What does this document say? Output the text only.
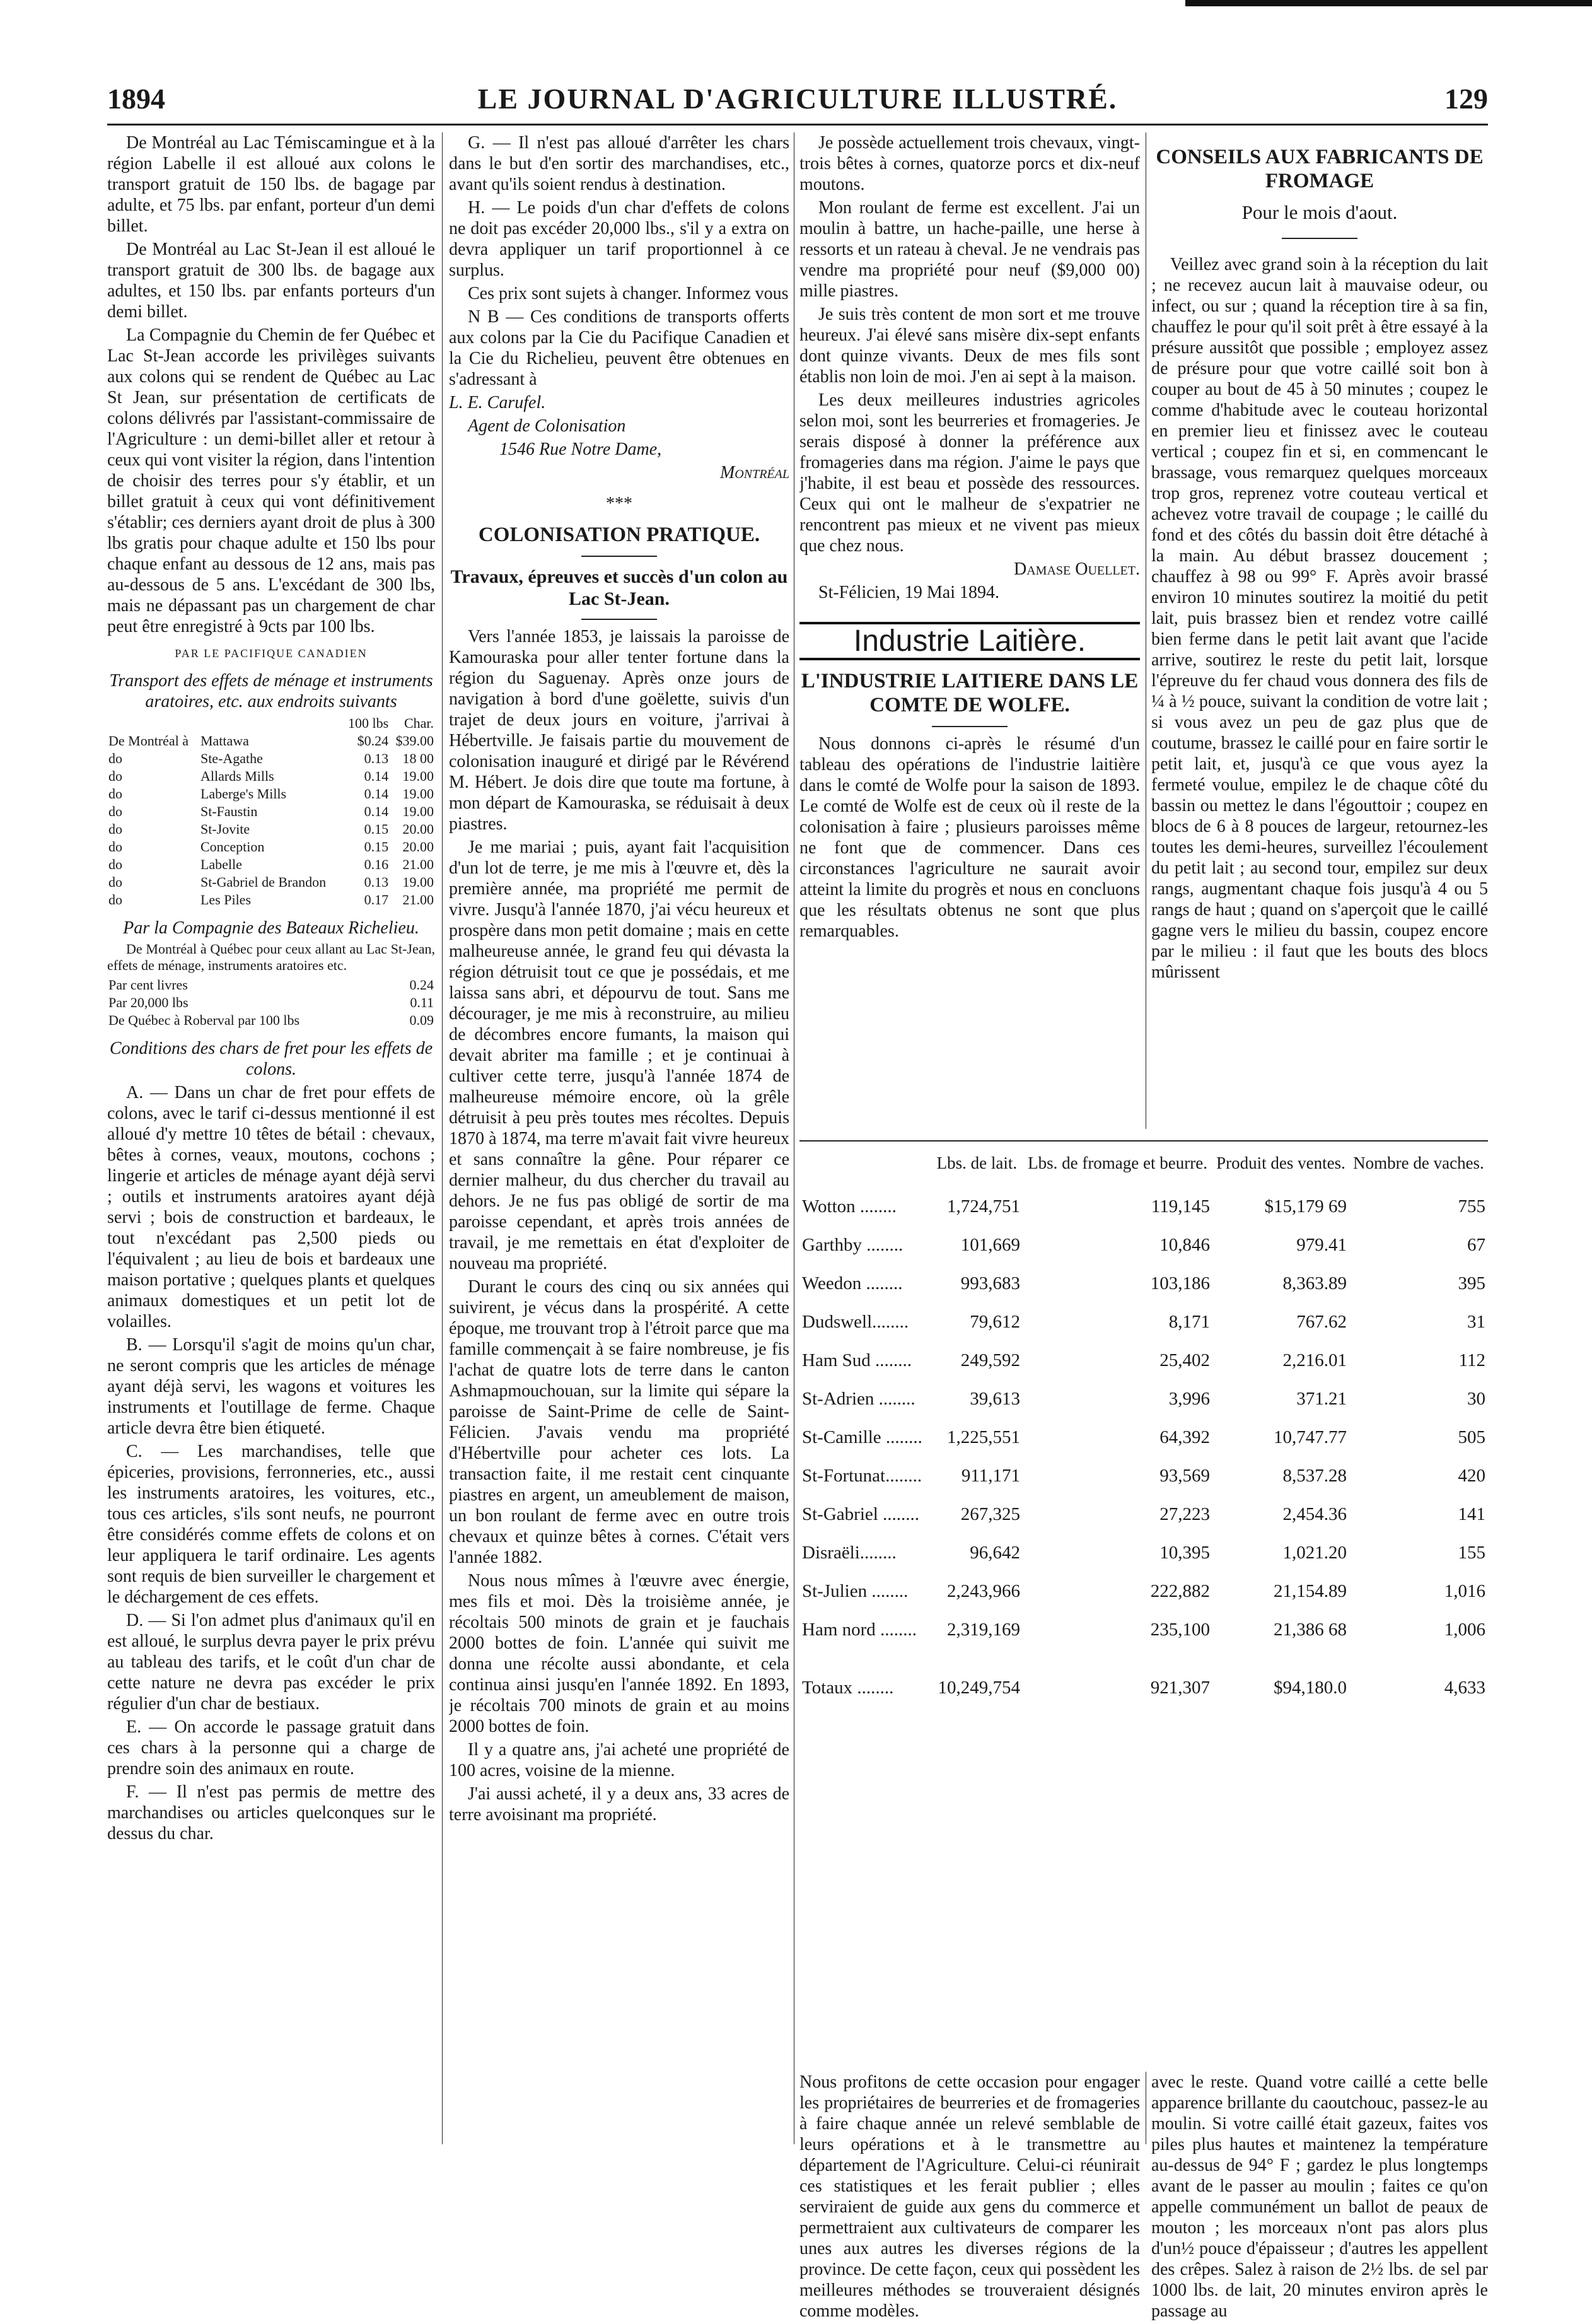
LE JOURNAL D'AGRICULTURE ILLUSTRÉ.
1894	129

De Montréal au Lac Témiscamingue et à la région Labelle il est alloué aux colons le transport gratuit de 150 lbs. de bagage par adulte, et 75 lbs. par enfant, porteur d'un demi billet.

De Montréal au Lac St-Jean il est alloué le transport gratuit de 300 lbs. de bagage aux adultes, et 150 lbs. par enfants porteurs d'un demi billet.

La Compagnie du Chemin de fer Québec et Lac St-Jean accorde les privilèges suivants aux colons qui se rendent de Québec au Lac St Jean, sur présentation de certificats de colons délivrés par l'assistant-commissaire de l'Agriculture : un demi-billet aller et retour à ceux qui vont visiter la région, dans l'intention de choisir des terres pour s'y établir, et un billet gratuit à ceux qui vont définitivement s'établir; ces derniers ayant droit de plus à 300 lbs gratis pour chaque adulte et 150 lbs pour chaque enfant au dessous de 12 ans, mais pas au-dessous de 5 ans. L'excédant de 300 lbs, mais ne dépassant pas un chargement de char peut être enregistré à 9cts par 100 lbs.

PAR LE PACIFIQUE CANADIEN

Transport des effets de ménage et instruments aratoires, etc. aux endroits suivants

		100 lbs	Char.
De Montréal à	Mattawa	$0.24	$39.00
do	Ste-Agathe	0.13	18 00
do	Allards Mills	0.14	19.00
do	Laberge's Mills	0.14	19.00
do	St-Faustin	0.14	19.00
do	St-Jovite	0.15	20.00
do	Conception	0.15	20.00
do	Labelle	0.16	21.00
do	St-Gabriel de Brandon	0.13	19.00
do	Les Piles	0.17	21.00

Par la Compagnie des Bateaux Richelieu.

De Montréal à Québec pour ceux allant au Lac St-Jean, effets de ménage, instruments aratoires etc.

Par cent livres	0.24
Par 20,000 lbs	0.11
De Québec à Roberval par 100 lbs	0.09

Conditions des chars de fret pour les effets de colons.

A. — Dans un char de fret pour effets de colons, avec le tarif ci-dessus mentionné il est alloué d'y mettre 10 têtes de bétail : chevaux, bêtes à cornes, veaux, moutons, cochons ; lingerie et articles de ménage ayant déjà servi ; outils et instruments aratoires ayant déjà servi ; bois de construction et bardeaux, le tout n'excédant pas 2,500 pieds ou l'équivalent ; au lieu de bois et bardeaux une maison portative ; quelques plants et quelques animaux domestiques et un petit lot de volailles.

B. — Lorsqu'il s'agit de moins qu'un char, ne seront compris que les articles de ménage ayant déjà servi, les wagons et voitures les instruments et l'outillage de ferme. Chaque article devra être bien étiqueté.

C. — Les marchandises, telle que épiceries, provisions, ferronneries, etc., aussi les instruments aratoires, les voitures, etc., tous ces articles, s'ils sont neufs, ne pourront être considérés comme effets de colons et on leur appliquera le tarif ordinaire. Les agents sont requis de bien surveiller le chargement et le déchargement de ces effets.

D. — Si l'on admet plus d'animaux qu'il en est alloué, le surplus devra payer le prix prévu au tableau des tarifs, et le coût d'un char de cette nature ne devra pas excéder le prix régulier d'un char de bestiaux.

E. — On accorde le passage gratuit dans ces chars à la personne qui a charge de prendre soin des animaux en route.

F. — Il n'est pas permis de mettre des marchandises ou articles quelconques sur le dessus du char.

G. — Il n'est pas alloué d'arrêter les chars dans le but d'en sortir des marchandises, etc., avant qu'ils soient rendus à destination.

H. — Le poids d'un char d'effets de colons ne doit pas excéder 20,000 lbs., s'il y a extra on devra appliquer un tarif proportionnel à ce surplus.

Ces prix sont sujets à changer. Informez vous

N B — Ces conditions de transports offerts aux colons par la Cie du Pacifique Canadien et la Cie du Richelieu, peuvent être obtenues en s'adressant à

L. E. Carufel.

Agent de Colonisation

1546 Rue Notre Dame,

Montréal

***

COLONISATION PRATIQUE.
Travaux, épreuves et succès d'un colon au Lac St-Jean.

Vers l'année 1853, je laissais la paroisse de Kamouraska pour aller tenter fortune dans la région du Saguenay. Après onze jours de navigation à bord d'une goëlette, suivis d'un trajet de deux jours en voiture, j'arrivai à Hébertville. Je faisais partie du mouvement de colonisation inauguré et dirigé par le Révérend M. Hébert. Je dois dire que toute ma fortune, à mon départ de Kamouraska, se réduisait à deux piastres.

Je me mariai ; puis, ayant fait l'acquisition d'un lot de terre, je me mis à l'œuvre et, dès la première année, ma propriété me permit de vivre. Jusqu'à l'année 1870, j'ai vécu heureux et prospère dans mon petit domaine ; mais en cette malheureuse année, le grand feu qui dévasta la région détruisit tout ce que je possédais, et me laissa sans abri, et dépourvu de tout. Sans me décourager, je me mis à reconstruire, au milieu de décombres encore fumants, la maison qui devait abriter ma famille ; et je continuai à cultiver cette terre, jusqu'à l'année 1874 de malheureuse mémoire encore, où la grêle détruisit à peu près toutes mes récoltes. Depuis 1870 à 1874, ma terre m'avait fait vivre heureux et sans connaître la gêne. Pour réparer ce dernier malheur, du dus chercher du travail au dehors. Je ne fus pas obligé de sortir de ma paroisse cependant, et après trois années de travail, je me remettais en état d'exploiter de nouveau ma propriété.

Durant le cours des cinq ou six années qui suivirent, je vécus dans la prospérité. A cette époque, me trouvant trop à l'étroit parce que ma famille commençait à se faire nombreuse, je fis l'achat de quatre lots de terre dans le canton Ashmapmouchouan, sur la limite qui sépare la paroisse de Saint-Prime de celle de Saint-Félicien. J'avais vendu ma propriété d'Hébertville pour acheter ces lots. La transaction faite, il me restait cent cinquante piastres en argent, un ameublement de maison, un bon roulant de ferme avec en outre trois chevaux et quinze bêtes à cornes. C'était vers l'année 1882.

Nous nous mîmes à l'œuvre avec énergie, mes fils et moi. Dès la troisième année, je récoltais 500 minots de grain et je fauchais 2000 bottes de foin. L'année qui suivit me donna une récolte aussi abondante, et cela continua ainsi jusqu'en l'année 1892. En 1893, je récoltais 700 minots de grain et au moins 2000 bottes de foin.

Il y a quatre ans, j'ai acheté une propriété de 100 acres, voisine de la mienne.

J'ai aussi acheté, il y a deux ans, 33 acres de terre avoisinant ma propriété.

Je possède actuellement trois chevaux, vingt-trois bêtes à cornes, quatorze porcs et dix-neuf moutons.

Mon roulant de ferme est excellent. J'ai un moulin à battre, un hache-paille, une herse à ressorts et un rateau à cheval. Je ne vendrais pas vendre ma propriété pour neuf ($9,000 00) mille piastres.

Je suis très content de mon sort et me trouve heureux. J'ai élevé sans misère dix-sept enfants dont quinze vivants. Deux de mes fils sont établis non loin de moi. J'en ai sept à la maison.

Les deux meilleures industries agricoles selon moi, sont les beurreries et fromageries. Je serais disposé à donner la préférence aux fromageries dans ma région. J'aime le pays que j'habite, il est beau et possède des ressources. Ceux qui ont le malheur de s'expatrier ne rencontrent pas mieux et ne vivent pas mieux que chez nous.

Damase Ouellet.

St-Félicien, 19 Mai 1894.

Industrie Laitière.
L'INDUSTRIE LAITIERE DANS LE COMTE DE WOLFE.

Nous donnons ci-après le résumé d'un tableau des opérations de l'industrie laitière dans le comté de Wolfe pour la saison de 1893. Le comté de Wolfe est de ceux où il reste de la colonisation à faire ; plusieurs paroisses même ne font que de commencer. Dans ces circonstances l'agriculture ne saurait avoir atteint la limite du progrès et nous en concluons que les résultats obtenus ne sont que plus remarquables.

CONSEILS AUX FABRICANTS DE FROMAGE

Pour le mois d'aout.

Veillez avec grand soin à la réception du lait ; ne recevez aucun lait à mauvaise odeur, ou infect, ou sur ; quand la réception tire à sa fin, chauffez le pour qu'il soit prêt à être essayé à la présure aussitôt que possible ; employez assez de présure pour que votre caillé soit bon à couper au bout de 45 à 50 minutes ; coupez le comme d'habitude avec le couteau horizontal en premier lieu et finissez avec le couteau vertical ; coupez fin et si, en commencant le brassage, vous remarquez quelques morceaux trop gros, reprenez votre couteau vertical et achevez votre travail de coupage ; le caillé du fond et des côtés du bassin doit être détaché à la main. Au début brassez doucement ; chauffez à 98 ou 99° F. Après avoir brassé environ 10 minutes soutirez la moitié du petit lait, puis brassez bien et rendez votre caillé bien ferme dans le petit lait avant que l'acide arrive, soutirez le reste du petit lait, lorsque l'épreuve du fer chaud vous donnera des fils de ¼ à ½ pouce, suivant la condition de votre lait ; si vous avez un peu de gaz plus que de coutume, brassez le caillé pour en faire sortir le petit lait, et, jusqu'à ce que vous ayez la fermeté voulue, empilez le de chaque côté du bassin ou mettez le dans l'égouttoir ; coupez en blocs de 6 à 8 pouces de largeur, retournez-les toutes les demi-heures, surveillez l'écoulement du petit lait ; au second tour, empilez sur deux rangs, augmentant chaque fois jusqu'à 4 ou 5 rangs de haut ; quand on s'aperçoit que le caillé gagne vers le milieu du bassin, coupez encore par le milieu : il faut que les bouts des blocs mûrissent

	Lbs. de lait.	Lbs. de fromage et beurre.	Produit des ventes.	Nombre de vaches.
Wotton ........	1,724,751	119,145	$15,179 69	755
Garthby ........	101,669	10,846	979.41	67
Weedon ........	993,683	103,186	8,363.89	395
Dudswell........	79,612	8,171	767.62	31
Ham Sud ........	249,592	25,402	2,216.01	112
St-Adrien ........	39,613	3,996	371.21	30
St-Camille ........	1,225,551	64,392	10,747.77	505
St-Fortunat........	911,171	93,569	8,537.28	420
St-Gabriel ........	267,325	27,223	2,454.36	141
Disraëli........	96,642	10,395	1,021.20	155
St-Julien ........	2,243,966	222,882	21,154.89	1,016
Ham nord ........	2,319,169	235,100	21,386 68	1,006
Totaux ........	10,249,754	921,307	$94,180.0	4,633

Nous profitons de cette occasion pour engager les propriétaires de beurreries et de fromageries à faire chaque année un relevé semblable de leurs opérations et à le transmettre au département de l'Agriculture. Celui-ci réunirait ces statistiques et les ferait publier ; elles serviraient de guide aux gens du commerce et permettraient aux cultivateurs de comparer les unes aux autres les diverses régions de la province. De cette façon, ceux qui possèdent les meilleures méthodes se trouveraient désignés comme modèles.

avec le reste. Quand votre caillé a cette belle apparence brillante du caoutchouc, passez-le au moulin. Si votre caillé était gazeux, faites vos piles plus hautes et maintenez la température au-dessus de 94° F ; gardez le plus longtemps avant de le passer au moulin ; faites ce qu'on appelle communément un ballot de peaux de mouton ; les morceaux n'ont pas alors plus d'un½ pouce d'épaisseur ; d'autres les appellent des crêpes. Salez à raison de 2½ lbs. de sel par 1000 lbs. de lait, 20 minutes environ après le passage au
